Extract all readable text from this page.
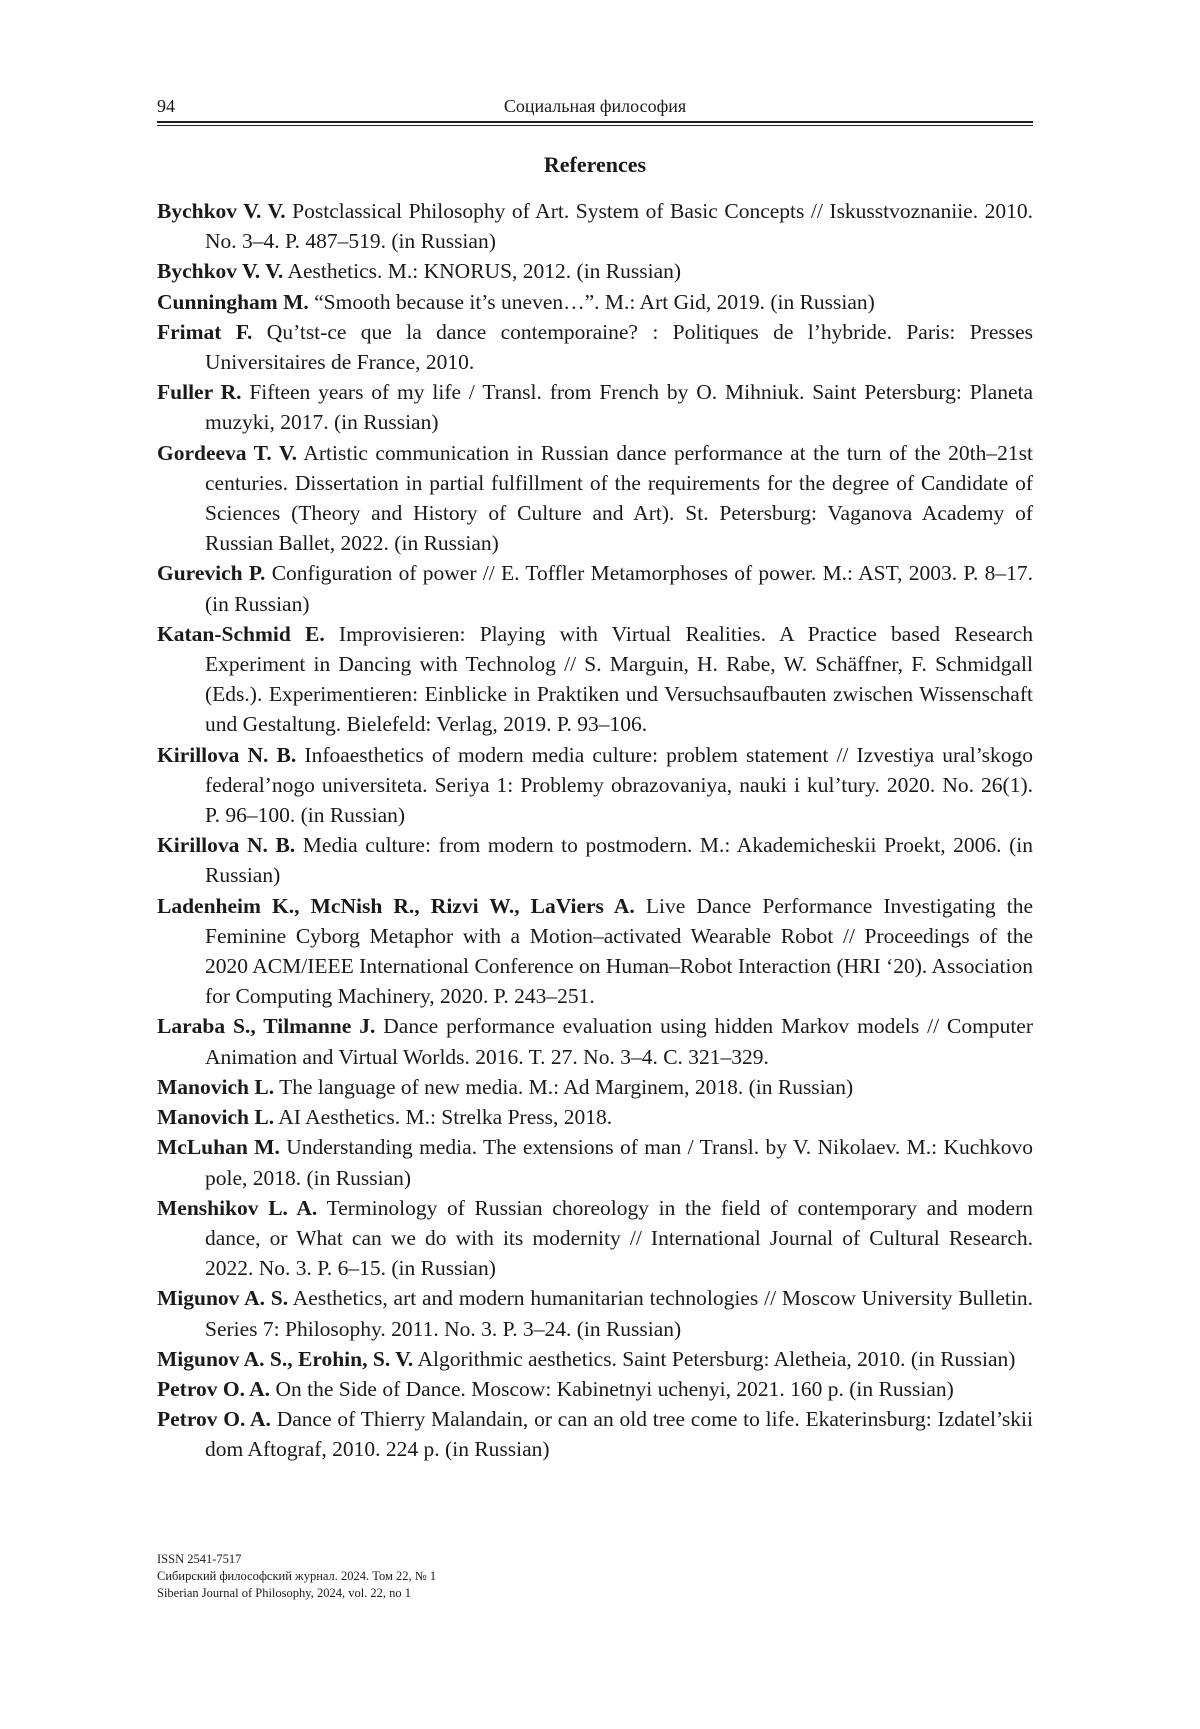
94	Социальная философия
References
Bychkov V. V. Postclassical Philosophy of Art. System of Basic Concepts // Iskusstvoznaniie. 2010. No. 3–4. P. 487–519. (in Russian)
Bychkov V. V. Aesthetics. M.: KNORUS, 2012. (in Russian)
Cunningham M. “Smooth because it’s uneven…”. M.: Art Gid, 2019. (in Russian)
Frimat F. Qu’tst-ce que la dance contemporaine? : Politiques de l’hybride. Paris: Presses Universitaires de France, 2010.
Fuller R. Fifteen years of my life / Transl. from French by O. Mihniuk. Saint Petersburg: Planeta muzyki, 2017. (in Russian)
Gordeeva T. V. Artistic communication in Russian dance performance at the turn of the 20th–21st centuries. Dissertation in partial fulfillment of the requirements for the degree of Candidate of Sciences (Theory and History of Culture and Art). St. Petersburg: Vaganova Academy of Russian Ballet, 2022. (in Russian)
Gurevich P. Configuration of power // E. Toffler Metamorphoses of power. M.: AST, 2003. P. 8–17. (in Russian)
Katan-Schmid E. Improvisieren: Playing with Virtual Realities. A Practice based Research Experiment in Dancing with Technolog // S. Marguin, H. Rabe, W. Schäffner, F. Schmidgall (Eds.). Experimentieren: Einblicke in Praktiken und Versuchsaufbauten zwischen Wissenschaft und Gestaltung. Bielefeld: Verlag, 2019. P. 93–106.
Kirillova N. B. Infoaesthetics of modern media culture: problem statement // Izvestiya ural’skogo federal’nogo universiteta. Seriya 1: Problemy obrazovaniya, nauki i kul’tury. 2020. No. 26(1). P. 96–100. (in Russian)
Kirillova N. B. Media culture: from modern to postmodern. M.: Akademicheskii Proekt, 2006. (in Russian)
Ladenheim K., McNish R., Rizvi W., LaViers A. Live Dance Performance Investigating the Feminine Cyborg Metaphor with a Motion–activated Wearable Robot // Proceedings of the 2020 ACM/IEEE International Conference on Human–Robot Interaction (HRI ‘20). Association for Computing Machinery, 2020. P. 243–251.
Laraba S., Tilmanne J. Dance performance evaluation using hidden Markov models // Computer Animation and Virtual Worlds. 2016. T. 27. No. 3–4. C. 321–329.
Manovich L. The language of new media. M.: Ad Marginem, 2018. (in Russian)
Manovich L. AI Aesthetics. M.: Strelka Press, 2018.
McLuhan M. Understanding media. The extensions of man / Transl. by V. Nikolaev. M.: Kuchkovo pole, 2018. (in Russian)
Menshikov L. A. Terminology of Russian choreology in the field of contemporary and modern dance, or What can we do with its modernity // International Journal of Cultural Research. 2022. No. 3. P. 6–15. (in Russian)
Migunov A. S. Aesthetics, art and modern humanitarian technologies // Moscow University Bulletin. Series 7: Philosophy. 2011. No. 3. P. 3–24. (in Russian)
Migunov A. S., Erohin, S. V. Algorithmic aesthetics. Saint Petersburg: Aletheia, 2010. (in Russian)
Petrov O. A. On the Side of Dance. Moscow: Kabinetnyi uchenyi, 2021. 160 p. (in Russian)
Petrov O. A. Dance of Thierry Malandain, or can an old tree come to life. Ekaterinsburg: Izdatel’skii dom Aftograf, 2010. 224 p. (in Russian)
ISSN 2541-7517
Сибирский философский журнал. 2024. Том 22, № 1
Siberian Journal of Philosophy, 2024, vol. 22, no 1
